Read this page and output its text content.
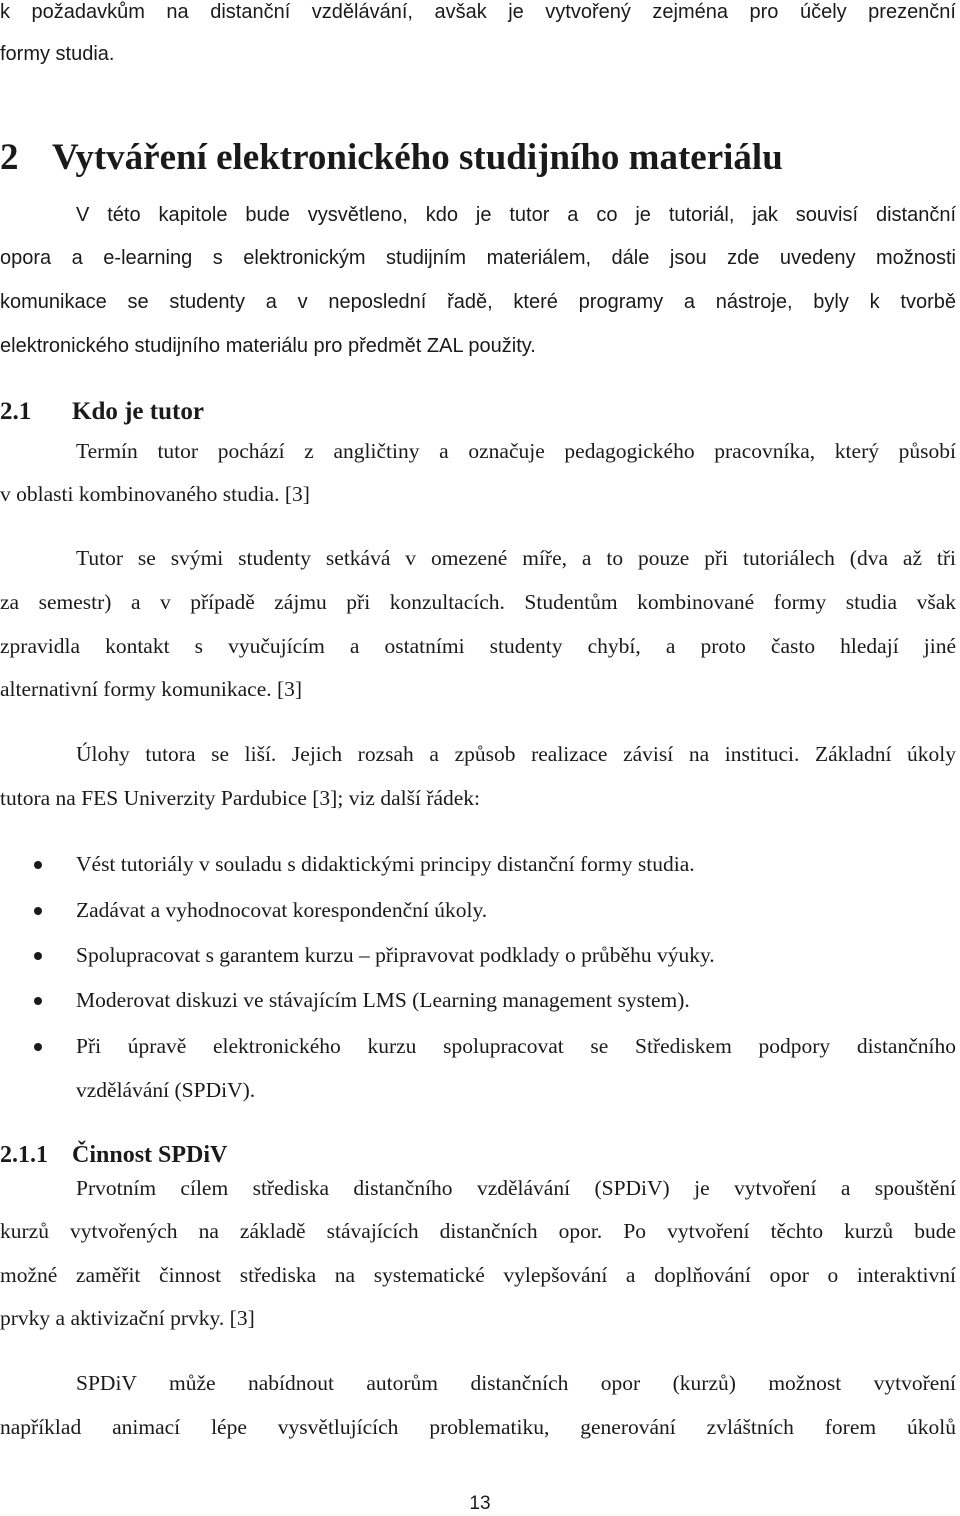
k požadavkům na distanční vzdělávání, avšak je vytvořený zejména pro účely prezenční

formy studia.

2 Vytváření elektronického studijního materiálu

V této kapitole bude vysvětleno, kdo je tutor a co je tutoriál, jak souvisí distanční

opora a e-learning s elektronickým studijním materiálem, dále jsou zde uvedeny možnosti

komunikace se studenty a v neposlední řadě, které programy a nástroje, byly k tvorbě

elektronického studijního materiálu pro předmět ZAL použity.

2.1 Kdo je tutor

Termín tutor pochází z angličtiny a označuje pedagogického pracovníka, který působí

v oblasti kombinovaného studia. [3]

Tutor se svými studenty setkává v omezené míře, a to pouze při tutoriálech (dva až tři

za semestr) a v případě zájmu při konzultacích. Studentům kombinované formy studia však

zpravidla kontakt s vyučujícím a ostatními studenty chybí, a proto často hledají jiné

alternativní formy komunikace. [3]

Úlohy tutora se liší. Jejich rozsah a způsob realizace závisí na instituci. Základní úkoly

tutora na FES Univerzity Pardubice [3]; viz další řádek:

Vést tutoriály v souladu s didaktickými principy distanční formy studia.

Zadávat a vyhodnocovat korespondenční úkoly.

Spolupracovat s garantem kurzu – připravovat podklady o průběhu výuky.

Moderovat diskuzi ve stávajícím LMS (Learning management system).

Při úpravě elektronického kurzu spolupracovat se Střediskem podpory distančního

vzdělávání (SPDiV).

2.1.1 Činnost SPDiV

Prvotním cílem střediska distančního vzdělávání (SPDiV) je vytvoření a spouštění

kurzů vytvořených na základě stávajících distančních opor. Po vytvoření těchto kurzů bude

možné zaměřit činnost střediska na systematické vylepšování a doplňování opor o interaktivní

prvky a aktivizační prvky. [3]

SPDiV může nabídnout autorům distančních opor (kurzů) možnost vytvoření

například animací lépe vysvětlujících problematiku, generování zvláštních forem úkolů

13
